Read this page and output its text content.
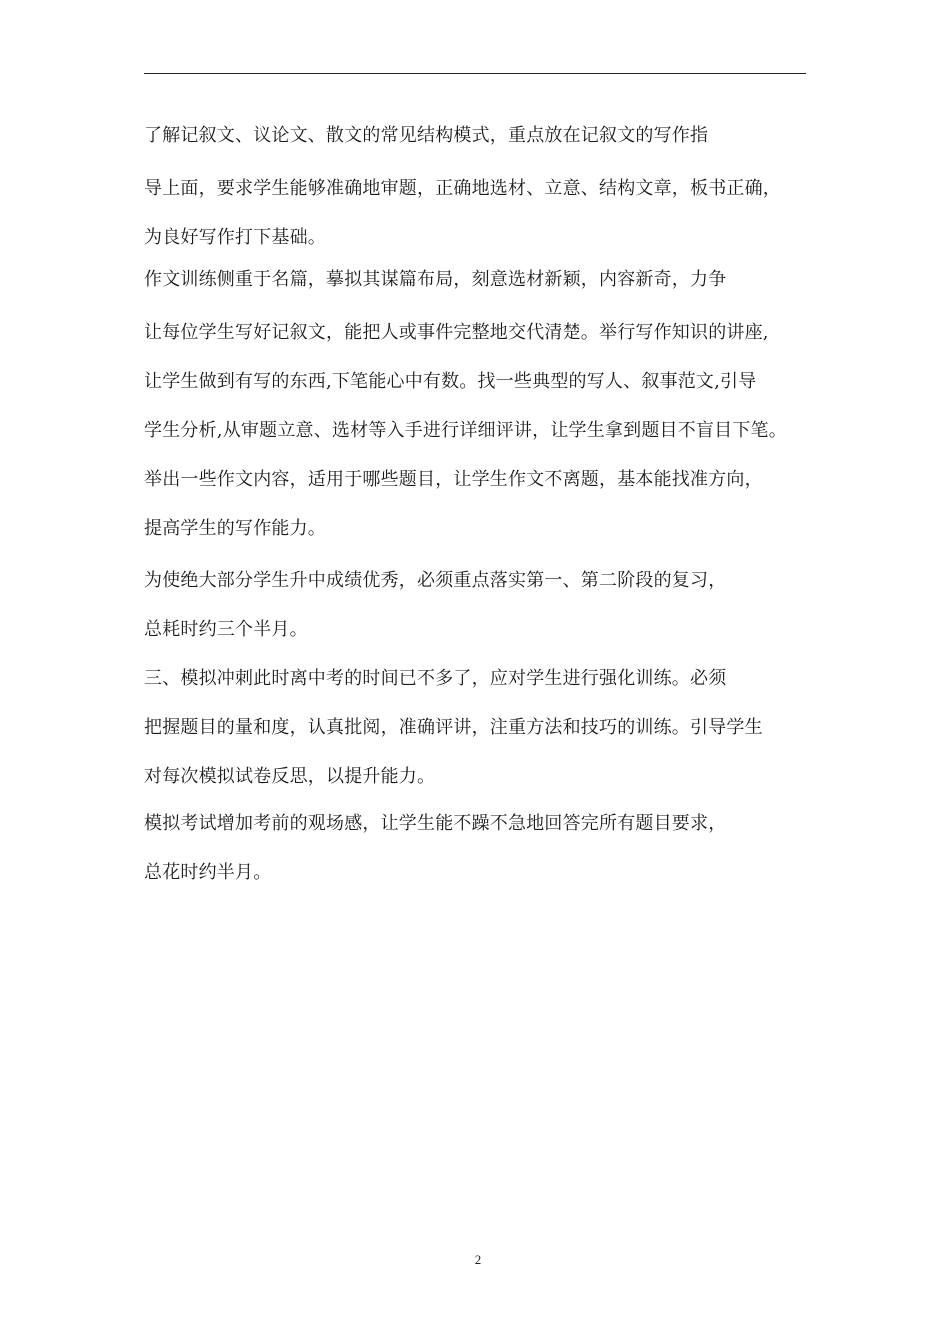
了解记叙文、议论文、散文的常见结构模式，重点放在记叙文的写作指
导上面，要求学生能够准确地审题，正确地选材、立意、结构文章，板书正确，
为良好写作打下基础。
作文训练侧重于名篇，摹拟其谋篇布局，刻意选材新颖，内容新奇，力争
让每位学生写好记叙文，能把人或事件完整地交代清楚。举行写作知识的讲座,
让学生做到有写的东西,下笔能心中有数。找一些典型的写人、叙事范文,引导
学生分析,从审题立意、选材等入手进行详细评讲，让学生拿到题目不盲目下笔。
举出一些作文内容，适用于哪些题目，让学生作文不离题，基本能找准方向，
提高学生的写作能力。
为使绝大部分学生升中成绩优秀，必须重点落实第一、第二阶段的复习，
总耗时约三个半月。
三、模拟冲刺此时离中考的时间已不多了，应对学生进行强化训练。必须
把握题目的量和度，认真批阅，准确评讲，注重方法和技巧的训练。引导学生
对每次模拟试卷反思，以提升能力。
模拟考试增加考前的观场感，让学生能不躁不急地回答完所有题目要求，
总花时约半月。
2
